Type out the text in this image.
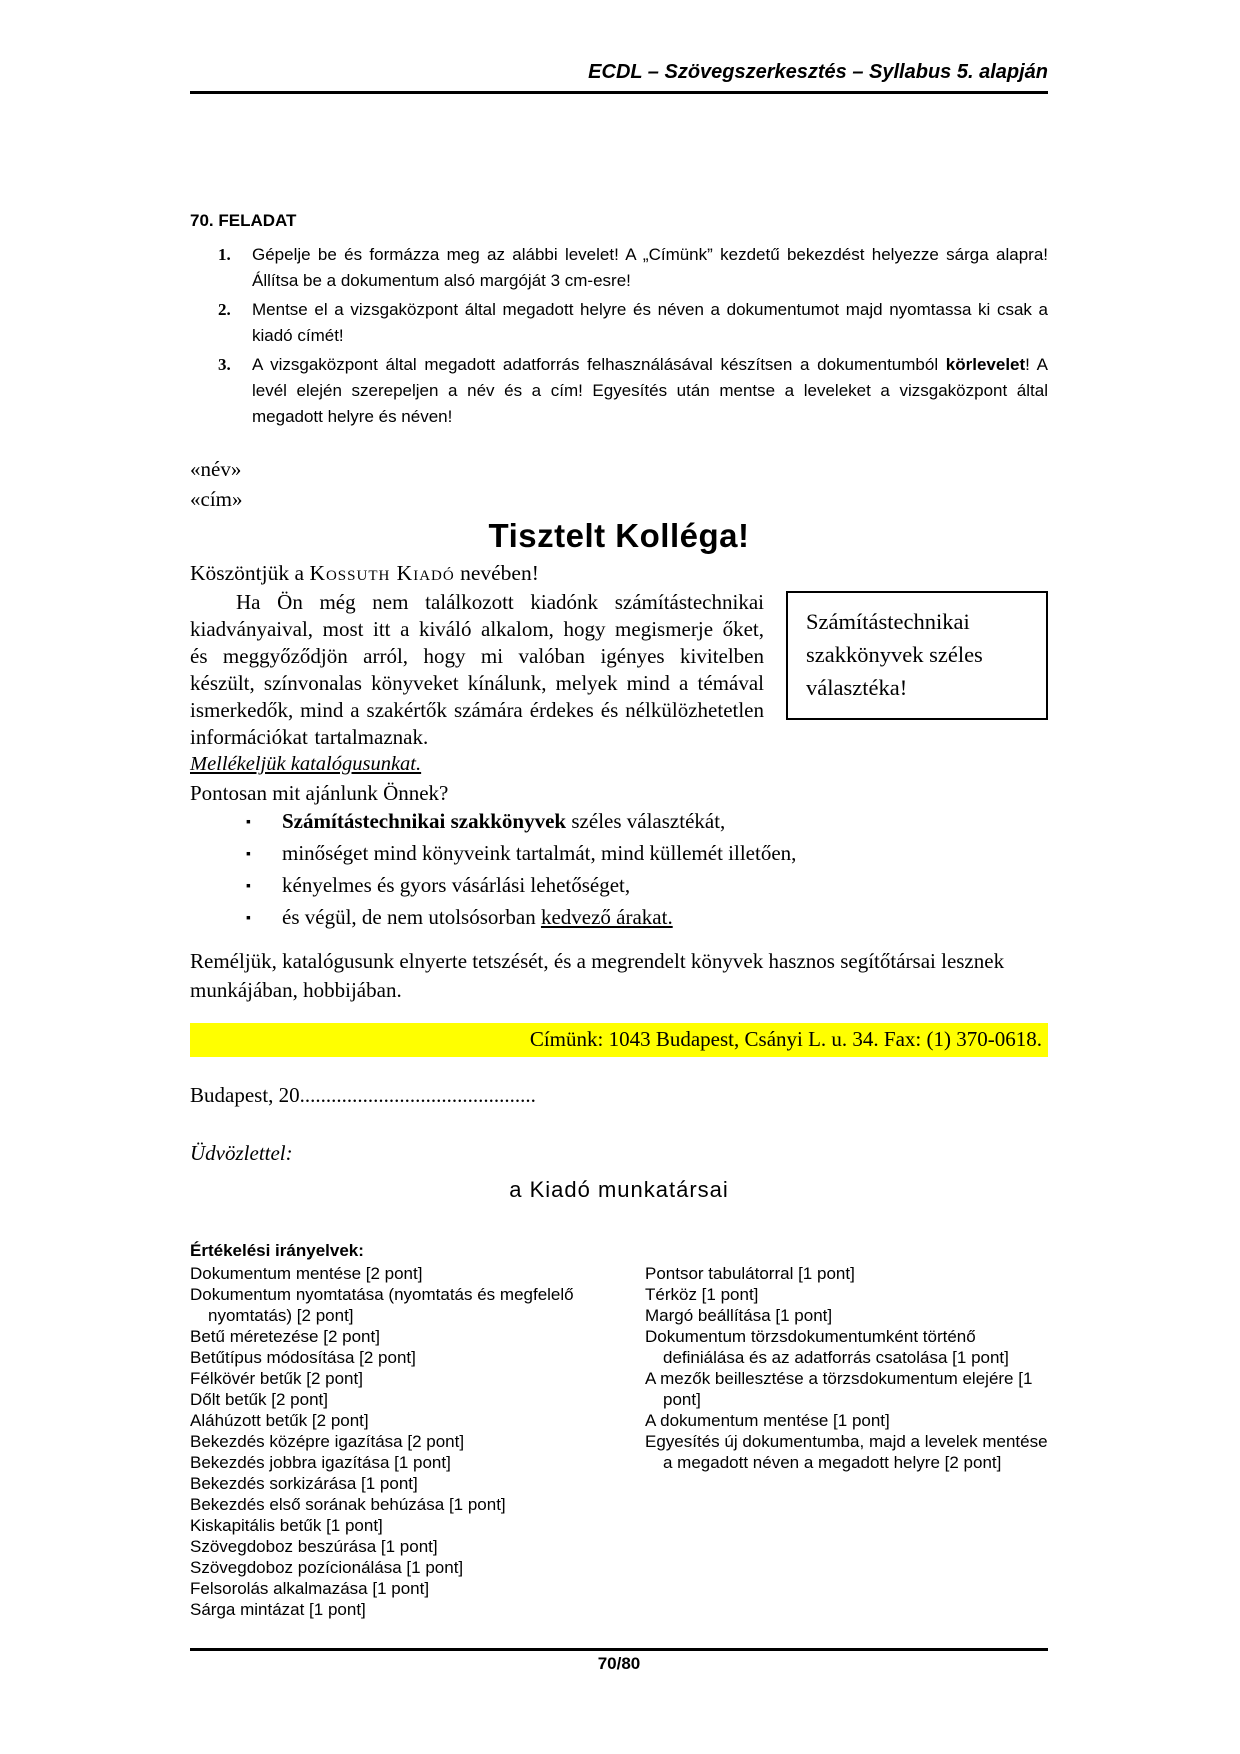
ECDL – Szövegszerkesztés – Syllabus 5. alapján
70. FELADAT
1. Gépelje be és formázza meg az alábbi levelet! A „Címünk” kezdetű bekezdést helyezze sárga alapra! Állítsa be a dokumentum alsó margóját 3 cm-esre!
2. Mentse el a vizsgaközpont által megadott helyre és néven a dokumentumot majd nyomtassa ki csak a kiadó címét!
3. A vizsgaközpont által megadott adatforrás felhasználásával készítsen a dokumentumból körlevelet! A levél elején szerepeljen a név és a cím! Egyesítés után mentse a leveleket a vizsgaközpont által megadott helyre és néven!
«név»
«cím»
Tisztelt Kolléga!

Köszöntjük a Kossuth Kiadó nevében!

Számítástechnikai szakkönyvek széles választéka!

Ha Ön még nem találkozott kiadónk számítástechnikai kiadványaival, most itt a kiváló alkalom, hogy megismerje őket, és meggyőződjön arról, hogy mi valóban igényes kivitelben készült, színvonalas könyveket kínálunk, melyek mind a témával ismerkedők, mind a szakértők számára érdekes és nélkülözhetetlen információkat tartalmaznak.

Mellékeljük katalógusunkat.

Pontosan mit ajánlunk Önnek?

▪ Számítástechnikai szakkönyvek széles választékát,
▪ minőséget mind könyveink tartalmát, mind küllemét illetően,
▪ kényelmes és gyors vásárlási lehetőséget,
▪ és végül, de nem utolsósorban kedvező árakat.

Reméljük, katalógusunk elnyerte tetszését, és a megrendelt könyvek hasznos segítőtársai lesznek munkájában, hobbijában.

Címünk: 1043 Budapest, Csányi L. u. 34. Fax: (1) 370-0618.

Budapest, 20.............................................

Üdvözlettel:

a Kiadó munkatársai

Értékelési irányelvek:
Dokumentum mentése [2 pont]
Dokumentum nyomtatása (nyomtatás és megfelelő nyomtatás) [2 pont]
Betű méretezése [2 pont]
Betűtípus módosítása [2 pont]
Félkövér betűk [2 pont]
Dőlt betűk [2 pont]
Aláhúzott betűk [2 pont]
Bekezdés középre igazítása [2 pont]
Bekezdés jobbra igazítása [1 pont]
Bekezdés sorkizárása [1 pont]
Bekezdés első sorának behúzása [1 pont]
Kiskapitális betűk [1 pont]
Szövegdoboz beszúrása [1 pont]
Szövegdoboz pozícionálása [1 pont]
Felsorolás alkalmazása [1 pont]
Sárga mintázat [1 pont]
Pontsor tabulátorral [1 pont]
Térköz [1 pont]
Margó beállítása [1 pont]
Dokumentum törzsdokumentumként történő definiálása és az adatforrás csatolása [1 pont]
A mezők beillesztése a törzsdokumentum elejére [1 pont]
A dokumentum mentése [1 pont]
Egyesítés új dokumentumba, majd a levelek mentése a megadott néven a megadott helyre [2 pont]
70/80
